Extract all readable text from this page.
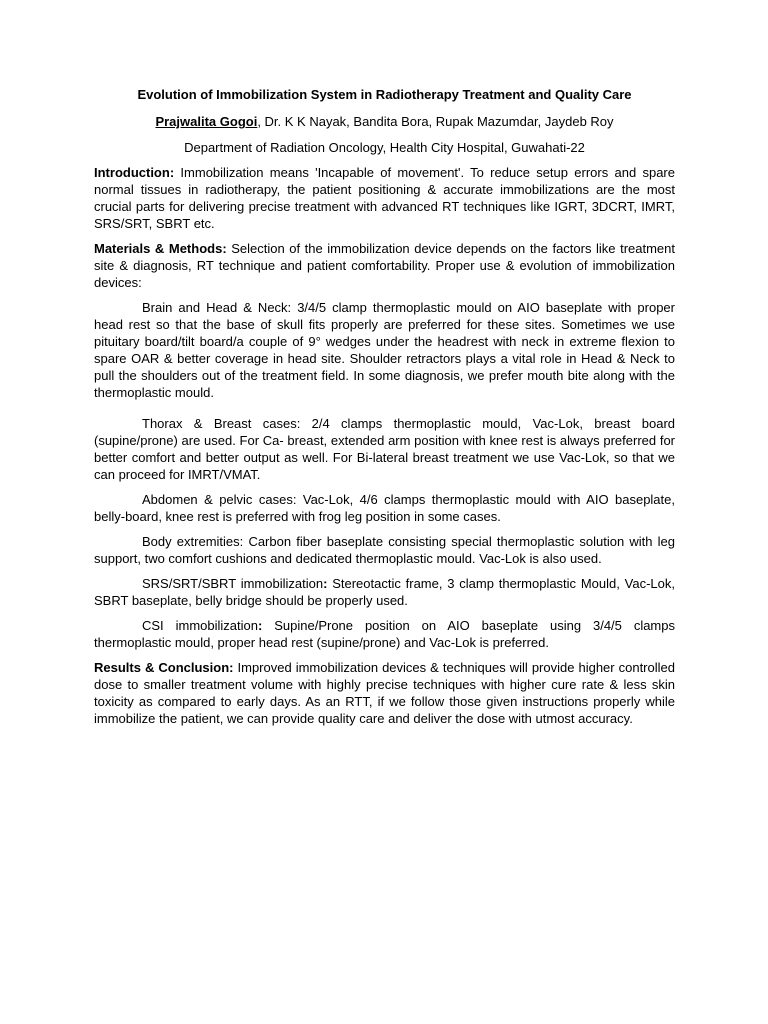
Evolution of Immobilization System in Radiotherapy Treatment and Quality Care
Prajwalita Gogoi, Dr. K K Nayak, Bandita Bora, Rupak Mazumdar, Jaydeb Roy
Department of Radiation Oncology, Health City Hospital, Guwahati-22

Introduction: Immobilization means 'Incapable of movement'. To reduce setup errors and spare normal tissues in radiotherapy, the patient positioning & accurate immobilizations are the most crucial parts for delivering precise treatment with advanced RT techniques like IGRT, 3DCRT, IMRT, SRS/SRT, SBRT etc.

Materials & Methods: Selection of the immobilization device depends on the factors like treatment site & diagnosis, RT technique and patient comfortability. Proper use & evolution of immobilization devices:

Brain and Head & Neck: 3/4/5 clamp thermoplastic mould on AIO baseplate with proper head rest so that the base of skull fits properly are preferred for these sites. Sometimes we use pituitary board/tilt board/a couple of 9° wedges under the headrest with neck in extreme flexion to spare OAR & better coverage in head site. Shoulder retractors plays a vital role in Head & Neck to pull the shoulders out of the treatment field. In some diagnosis, we prefer mouth bite along with the thermoplastic mould.

Thorax & Breast cases: 2/4 clamps thermoplastic mould, Vac-Lok, breast board (supine/prone) are used. For Ca- breast, extended arm position with knee rest is always preferred for better comfort and better output as well. For Bi-lateral breast treatment we use Vac-Lok, so that we can proceed for IMRT/VMAT.

Abdomen & pelvic cases: Vac-Lok, 4/6 clamps thermoplastic mould with AIO baseplate, belly-board, knee rest is preferred with frog leg position in some cases.

Body extremities: Carbon fiber baseplate consisting special thermoplastic solution with leg support, two comfort cushions and dedicated thermoplastic mould. Vac-Lok is also used.

SRS/SRT/SBRT immobilization: Stereotactic frame, 3 clamp thermoplastic Mould, Vac-Lok, SBRT baseplate, belly bridge should be properly used.

CSI immobilization: Supine/Prone position on AIO baseplate using 3/4/5 clamps thermoplastic mould, proper head rest (supine/prone) and Vac-Lok is preferred.

Results & Conclusion: Improved immobilization devices & techniques will provide higher controlled dose to smaller treatment volume with highly precise techniques with higher cure rate & less skin toxicity as compared to early days. As an RTT, if we follow those given instructions properly while immobilize the patient, we can provide quality care and deliver the dose with utmost accuracy.
